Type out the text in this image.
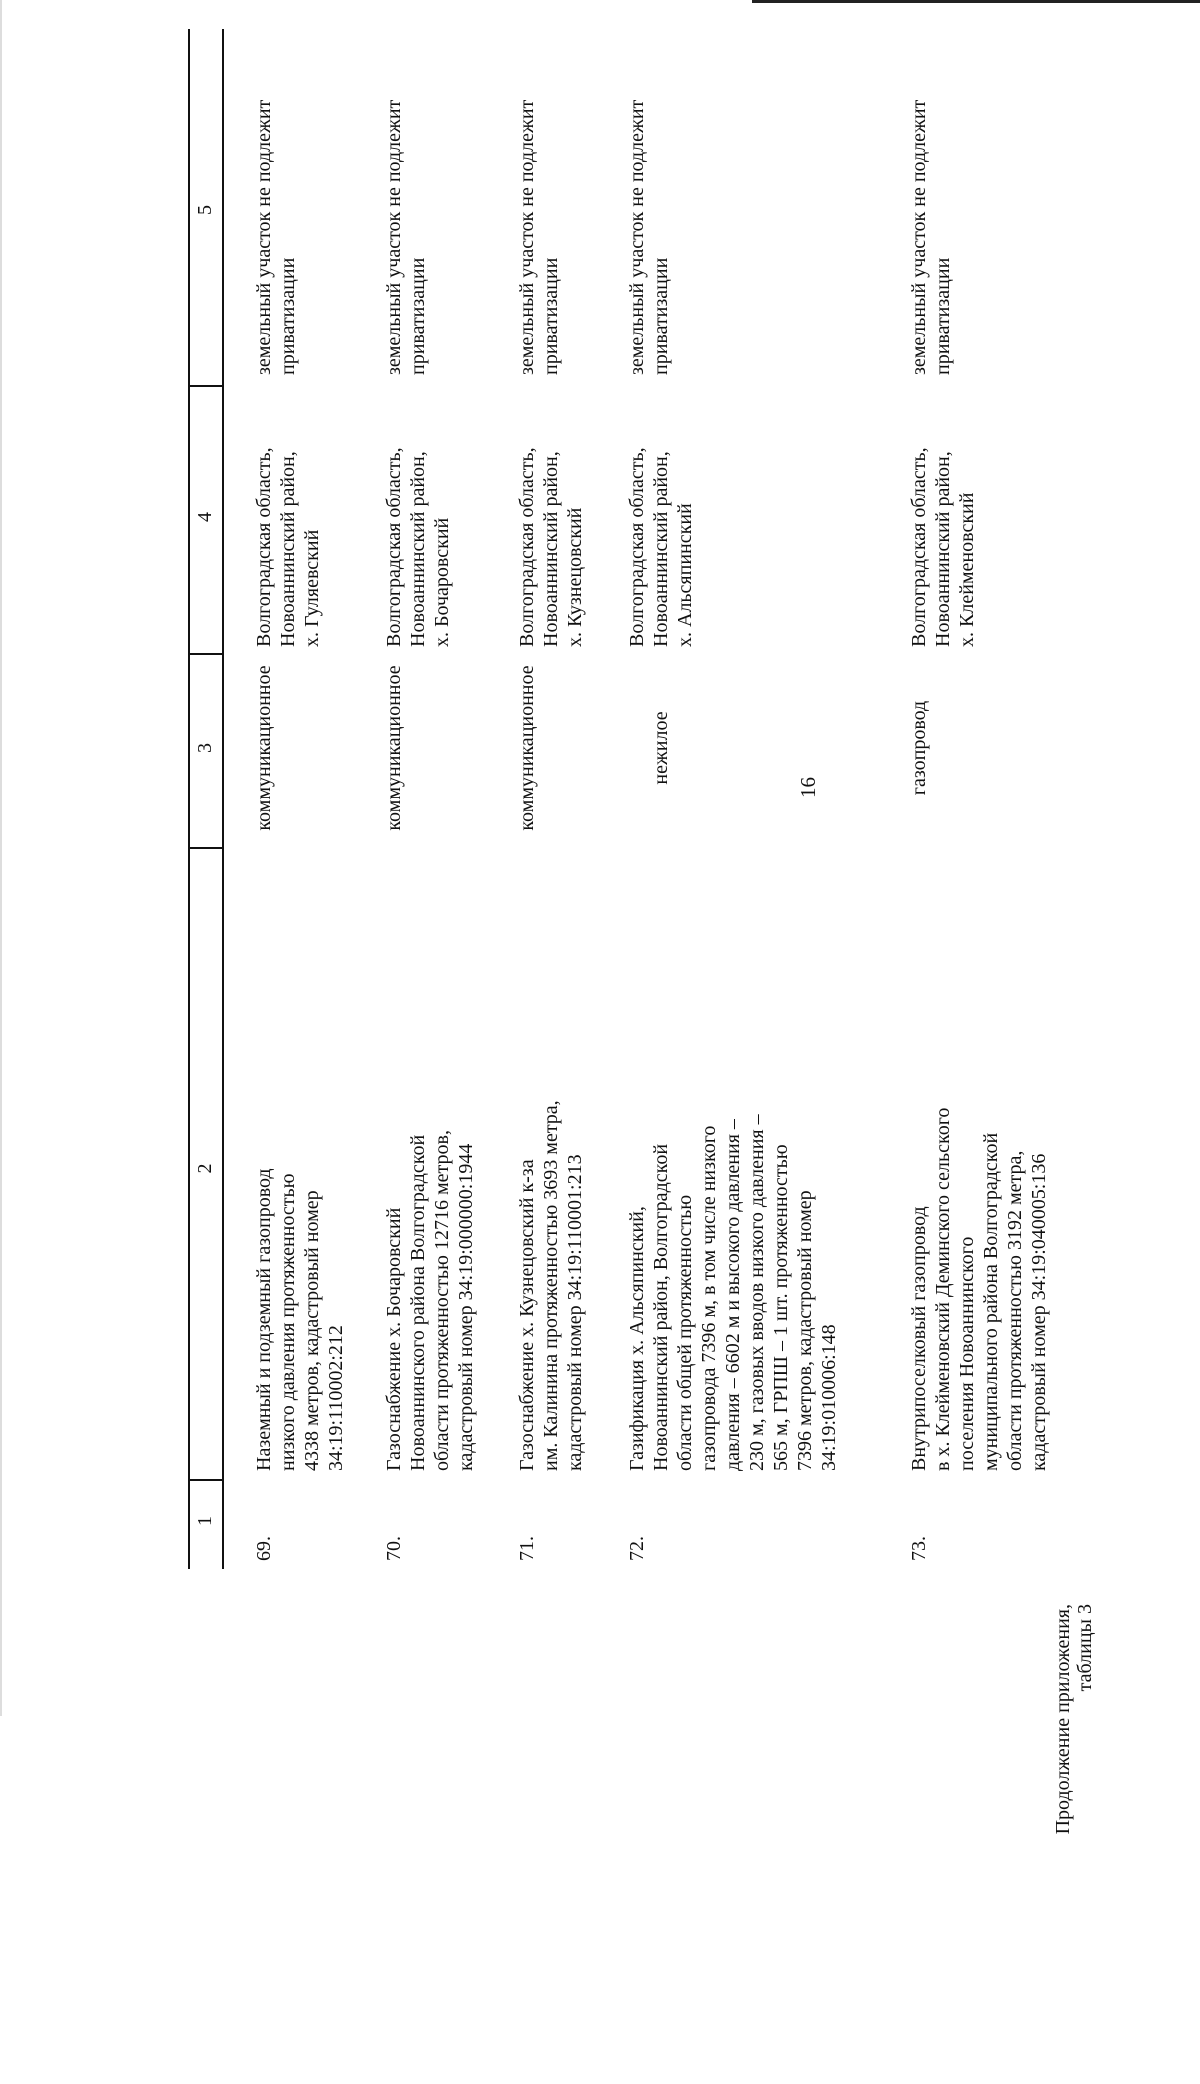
Продолжение приложения, таблицы 3
16
1
2
3
4
5
69.
Наземный и подземный газопровод
низкого давления протяженностью
4338 метров, кадастровый номер
34:19:110002:212
коммуникационное
Волгоградская область,
Новоаннинский район,
х. Гуляевский
земельный участок не подлежит
приватизации
70.
Газоснабжение х. Бочаровский
Новоаннинского района Волгоградской
области протяженностью 12716 метров,
кадастровый номер 34:19:000000:1944
коммуникационное
Волгоградская область,
Новоаннинский район,
х. Бочаровский
земельный участок не подлежит
приватизации
71.
Газоснабжение х. Кузнецовский к-за
им. Калинина протяженностью 3693 метра,
кадастровый номер 34:19:110001:213
коммуникационное
Волгоградская область,
Новоаннинский район,
х. Кузнецовский
земельный участок не подлежит
приватизации
72.
Газификация х. Альсяпинский,
Новоаннинский район, Волгоградской
области общей протяженностью
газопровода 7396 м, в том числе низкого
давления – 6602 м и высокого давления –
230 м, газовых вводов низкого давления –
565 м, ГРПШ – 1 шт. протяженностью
7396 метров, кадастровый номер
34:19:010006:148
нежилое
Волгоградская область,
Новоаннинский район,
х. Альсяпинский
земельный участок не подлежит
приватизации
73.
Внутрипоселковый газопровод
в х. Клейменовский Деминского сельского
поселения Новоаннинского
муниципального района Волгоградской
области протяженностью 3192 метра,
кадастровый номер 34:19:040005:136
газопровод
Волгоградская область,
Новоаннинский район,
х. Клейменовский
земельный участок не подлежит
приватизации
